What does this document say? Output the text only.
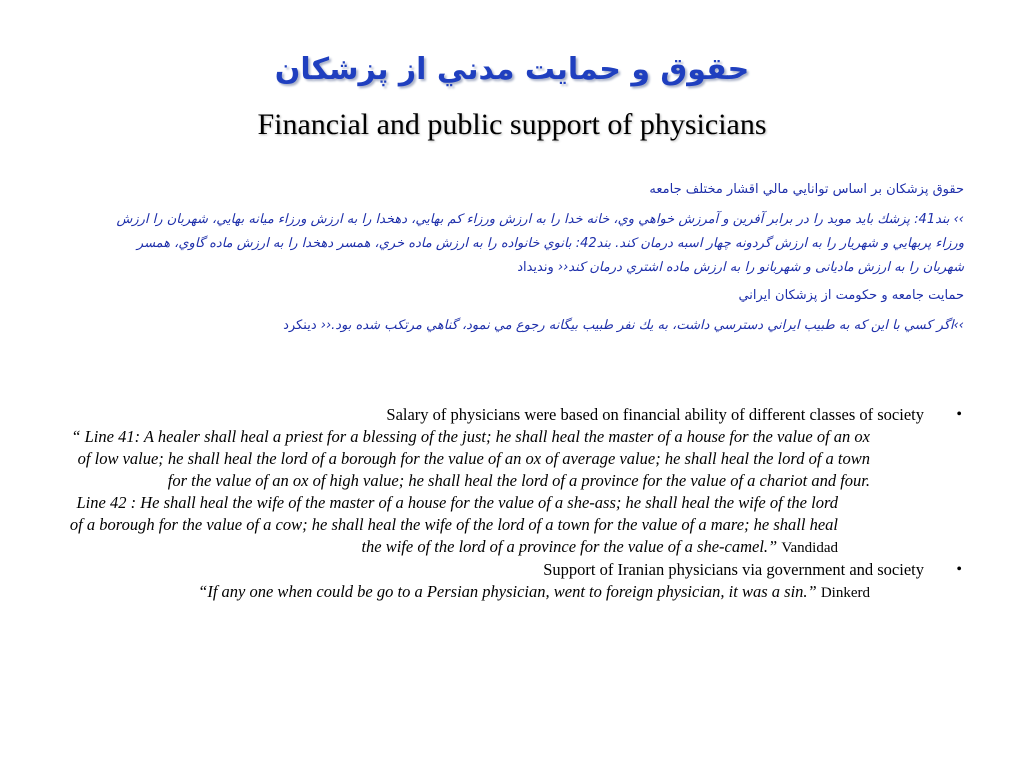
حقوق و حمايت مدني از پزشكان
Financial and public support of physicians

حقوق پزشكان بر اساس توانايي مالي اقشار مختلف جامعه

›› بند41: پزشك بايد موبد را در برابر آفرين و آمرزش خواهي وي، خانه خدا را به ارزش ورزاء كم بهايي، دهخدا را به ارزش ورزاء ميانه بهايي، شهربان را ارزش ورزاء پربهايي و شهريار را به ارزش گردونه چهار اسبه درمان كند. بند42: بانوي خانواده را به ارزش ماده خري، همسر دهخدا را به ارزش ماده گاوي، همسر شهربان را به ارزش ماديانی و شهربانو را به ارزش ماده اشتري درمان كند‹‹ ونديداد

حمايت جامعه و حكومت از پزشكان ايراني

››اگر كسي با اين كه به طبيب ايراني دسترسي داشت، به يك نفر طبيب بيگانه رجوع مي نمود، گناهي مرتكب شده بود.‹‹ دينكرد

Salary of physicians were based on financial ability of different classes of society •

“ Line 41: A healer shall heal a priest for a blessing of the just; he shall heal the master of a house for the value of an ox of low value; he shall heal the lord of a borough for the value of an ox of average value; he shall heal the lord of a town for the value of an ox of high value; he shall heal the lord of a province for the value of a chariot and four.

Line 42 : He shall heal the wife of the master of a house for the value of a she-ass; he shall heal the wife of the lord of a borough for the value of a cow; he shall heal the wife of the lord of a town for the value of a mare; he shall heal the wife of the lord of a province for the value of a she-camel.” Vandidad

Support of Iranian physicians via government and society •

“If any one when could be go to a Persian physician, went to foreign physician, it was a sin.” Dinkerd
